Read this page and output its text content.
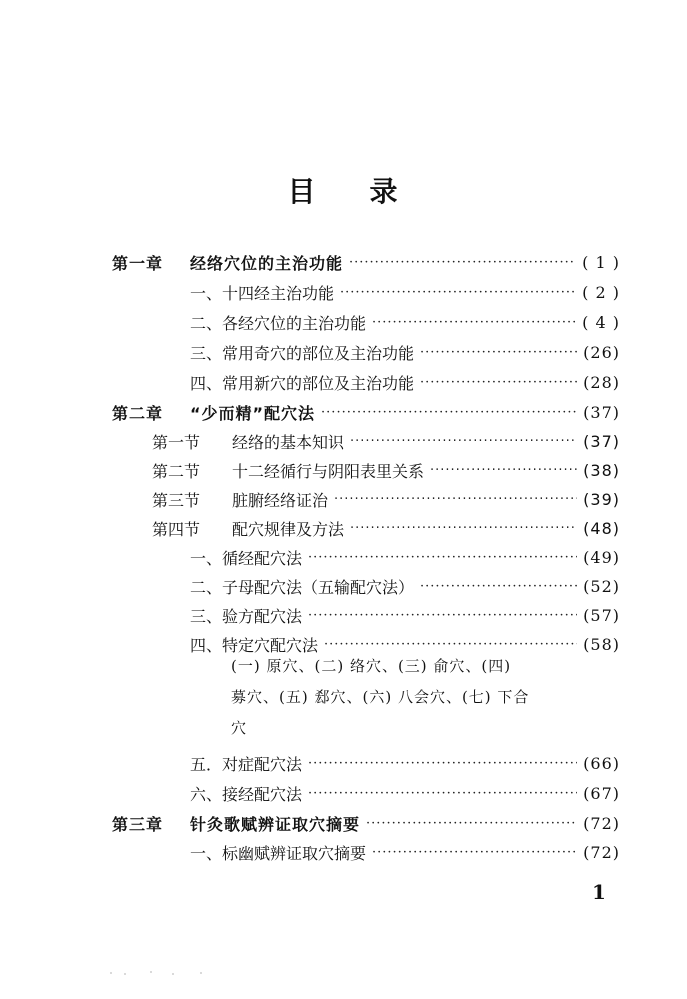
目 录
第一章	经络穴位的主治功能 ·····	( 1 )
一、十四经主治功能 ·····	( 2 )
二、各经穴位的主治功能 ·····	( 4 )
三、常用奇穴的部位及主治功能 ·····	(26)
四、常用新穴的部位及主治功能 ·····	(28)
第二章	“少而精”配穴法 ·····	(37)
第一节	经络的基本知识 ·····	(37)
第二节	十二经循行与阴阳表里关系 ·····	(38)
第三节	脏腑经络证治 ·····	(39)
第四节	配穴规律及方法 ·····	(48)
一、循经配穴法 ·····	(49)
二、子母配穴法（五输配穴法） ·····	(52)
三、验方配穴法 ·····	(57)
四、特定穴配穴法 ·····	(58)
(一) 原穴、(二) 络穴、(三) 俞穴、(四)
募穴、(五) 郄穴、(六) 八会穴、(七) 下合
穴
五．对症配穴法 ·····	(66)
六、接经配穴法 ·····	(67)
第三章	针灸歌赋辨证取穴摘要 ·····	(72)
一、标幽赋辨证取穴摘要 ·····	(72)
1
